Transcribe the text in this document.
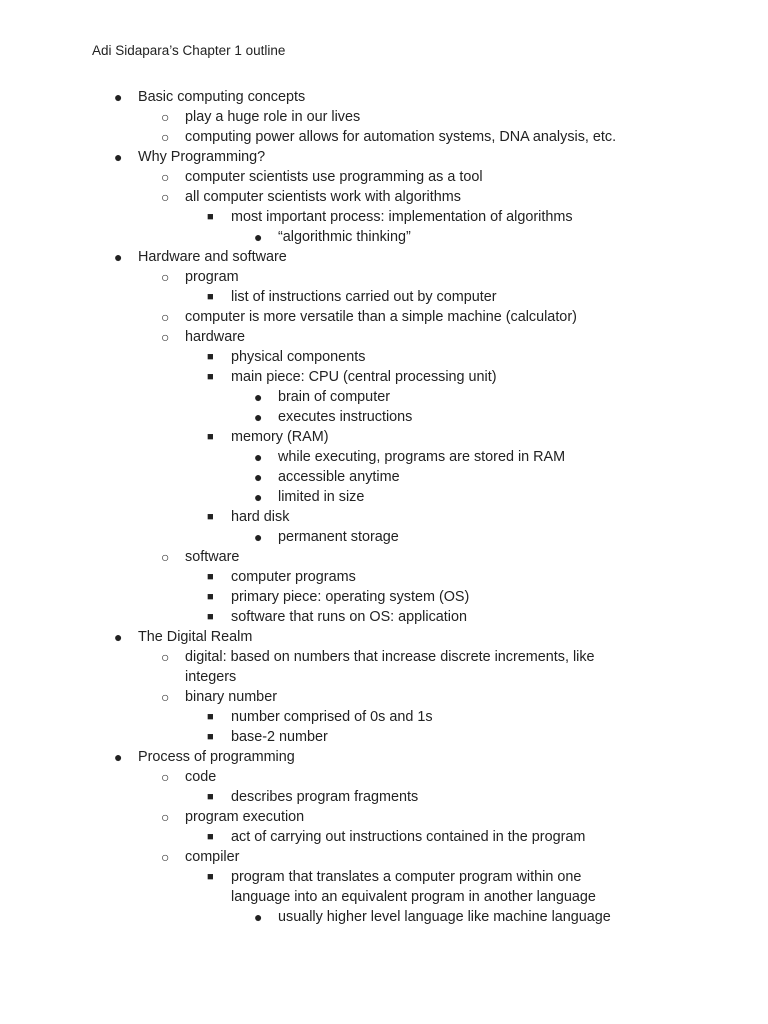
Adi Sidapara’s Chapter 1 outline
● Basic computing concepts
○ play a huge role in our lives
○ computing power allows for automation systems, DNA analysis, etc.
● Why Programming?
○ computer scientists use programming as a tool
○ all computer scientists work with algorithms
■ most important process: implementation of algorithms
● “algorithmic thinking”
● Hardware and software
○ program
■ list of instructions carried out by computer
○ computer is more versatile than a simple machine (calculator)
○ hardware
■ physical components
■ main piece: CPU (central processing unit)
● brain of computer
● executes instructions
■ memory (RAM)
● while executing, programs are stored in RAM
● accessible anytime
● limited in size
■ hard disk
● permanent storage
○ software
■ computer programs
■ primary piece: operating system (OS)
■ software that runs on OS: application
● The Digital Realm
○ digital: based on numbers that increase discrete increments, like
integers
○ binary number
■ number comprised of 0s and 1s
■ base-2 number
● Process of programming
○ code
■ describes program fragments
○ program execution
■ act of carrying out instructions contained in the program
○ compiler
■ program that translates a computer program within one
language into an equivalent program in another language
● usually higher level language like machine language
